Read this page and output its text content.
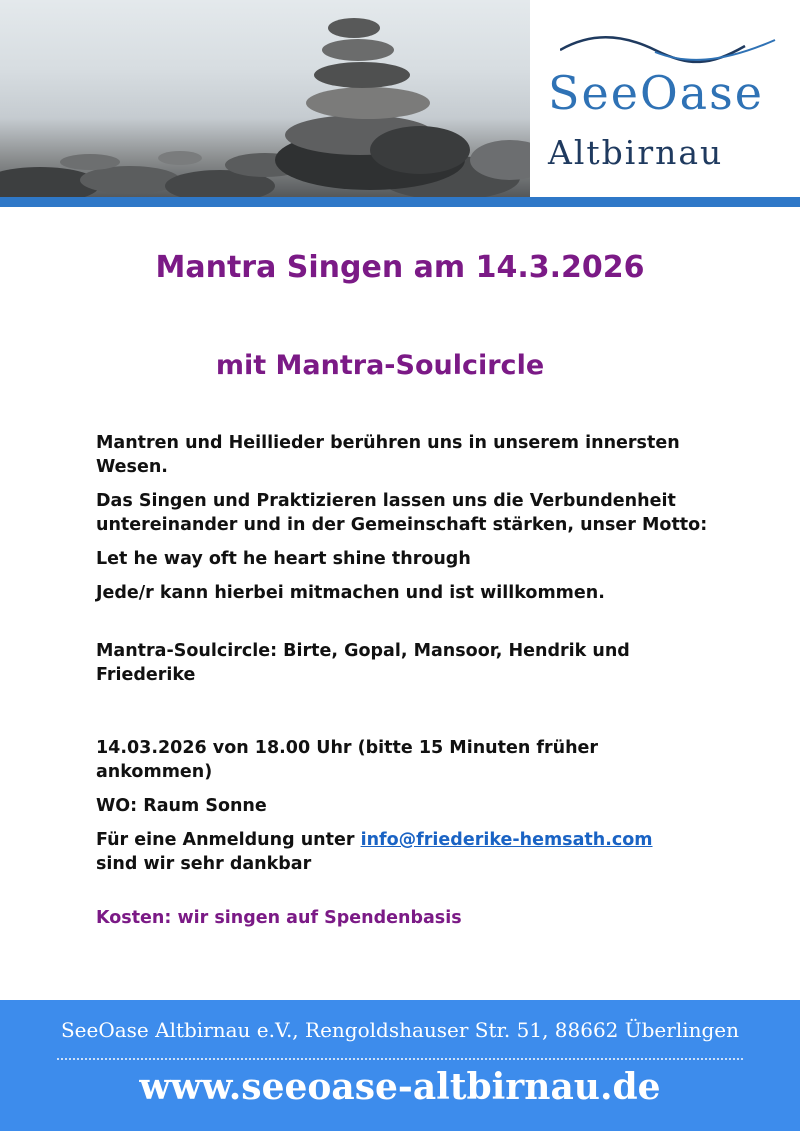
SeeOase
Altbirnau
Mantra Singen am 14.3.2026
mit Mantra-Soulcircle

Mantren und Heillieder berühren uns in unserem innersten Wesen.

Das Singen und Praktizieren lassen uns die Verbundenheit untereinander und in der Gemeinschaft stärken, unser Motto:

Let he way oft he heart shine through

Jede/r kann hierbei mitmachen und ist willkommen.

Mantra-Soulcircle: Birte, Gopal, Mansoor, Hendrik und Friederike

14.03.2026 von 18.00 Uhr (bitte 15 Minuten früher ankommen)

WO: Raum Sonne

Für eine Anmeldung unter info@friederike-hemsath.com
sind wir sehr dankbar

Kosten: wir singen auf Spendenbasis

SeeOase Altbirnau e.V., Rengoldshauser Str. 51, 88662 Überlingen
www.seeoase-altbirnau.de
